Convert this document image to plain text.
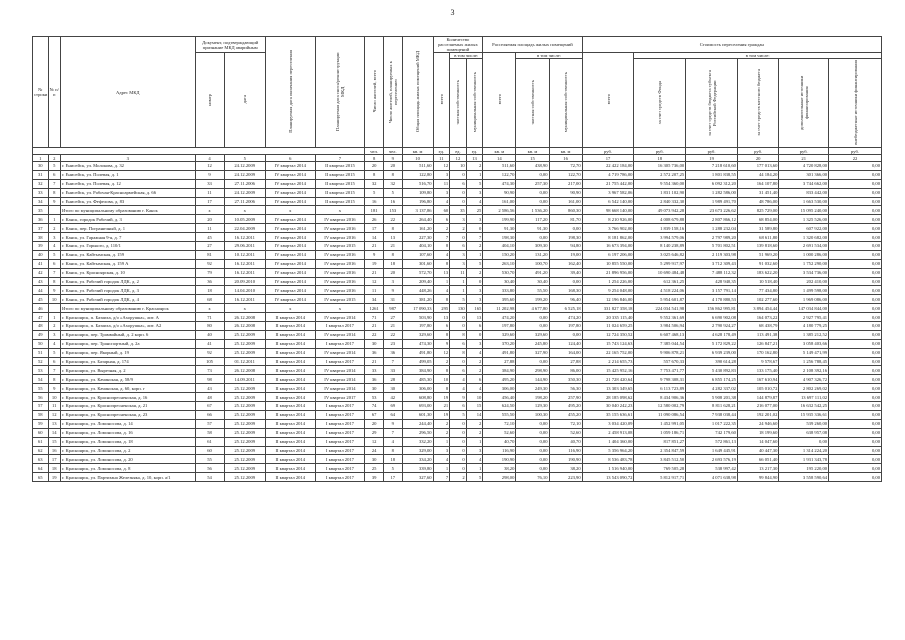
3
№ строки	№ п/п	Адрес МКД	Документ, подтверждающий признание МКД аварийным		Планируемая дата окончания переселения	Планируемая дата сноса/реконструкции МКД	Число жителей, всего	Число жителей, планируемых к переселению	Общая площадь жилых помещений МКД	Количество расселяемых жилых помещений			Расселяемая площадь жилых помещений			Стоимость переселения граждан					
			номер	дата						всего	в том числе:		всего	в том числе:		всего	в том числе:				
											частная собственность	муниципальная собственность		частная собственность	муниципальная собственность		за счет средств Фонда	за счет средств бюджета субъекта Российской Федерации	за счет средств местного бюджета	дополнительные источники финансирования	внебюджетные источники финансирования
							чел.	чел.	кв. м	ед.	ед.	ед.	кв. м	кв. м	кв. м	руб.	руб.	руб.	руб.	руб.	руб.
1	2	3	4	5	6	7	8	9	10	11	12	13	14	15	16	17	18	19	20	21	22
30	5	г. Енисейск, ул. Молокова, д. 32	12	24.12.2009	IV квартал 2014	II квартал 2015	20	20	511,60	12	10	2	511,60	438,90	72,70	22 422 184,00	16 305 736,00	7 218 610,60	177 013,60	4 720 828,00	0,00
31	6	г. Енисейск, ул. Полевая, д. 1	9	24.12.2009	IV квартал 2014	II квартал 2015	8	8	122,80	3	0	1	122,70	0,00	122,70	4 719 786,00	2 572 207,25	1 801 838,55	44 184,20	301 366,00	0,00
32	7	г. Енисейск, ул. Полевая, д. 12	33	27.11.2006	IV квартал 2014	II квартал 2015	32	32	516,70	11	6	5	474,30	257,30	217,00	21 755 442,00	9 554 360,00	6 092 312,20	164 107,80	3 744 662,00	0,00
33	8	г. Енисейск, ул. Рабочая-Красноармейская, д. 66	11	24.12.2009	IV квартал 2014	II квартал 2015	5	5	109,80	3	0	3	90,90	0,00	90,90	3 967 582,06	1 831 102,90	1 282 586,00	31 451,40	833 442,00	0,00
34	9	г. Енисейск, ул. Фефелова, д. 83	17	27.11.2006	IV квартал 2014	II квартал 2015	16	16	196,80	4	0	4	161,00	0,00	161,00	6 542 140,00	2 840 332,30	1 989 491,70	48 786,00	1 663 530,00	0,00
35		Итого по муниципальному образованию г. Канск	x	x	x	x	181	153	3 137,86	60	35	25	2 586,56	1 536,20	860,30	98 668 140,00	49 073 942,28	23 673 226,62	825 729,00	15 095 240,00	0,00
36	1	г. Канск, городок Рабочий, д. 3	20	10.05.2009	IV квартал 2014	IV квартал 2016	26	22	264,40	6	3	3	199,90	117,20	81,70	8 210 926,00	4 008 679,88	2 807 866,12	68 854,00	1 325 526,00	0,00
37	2	г. Канск, пер. Пограничный, д. 1	11	22.04.2009	IV квартал 2014	IV квартал 2016	17	8	161,20	2	2	0	91,30	91,30	0,00	3 766 902,00	1 839 158,16	1 288 232,04	31 589,80	607 922,00	0,00
38	3	г. Канск, ул. Гаражная 9-я, д. 7	45	16.12.2011	IV квартал 2014	IV квартал 2016	14	13	227,30	7	0	7	198,30	0,00	198,30	8 181 862,00	3 994 579,06	2 797 989,20	68 611,80	1 320 682,00	0,00
39	4	г. Канск, ул. Горького, д. 110/1	27	29.06.2011	IV квартал 2014	IV квартал 2015	21	21	404,10	8	6	2	404,10	309,30	94,80	16 673 394,00	8 140 238,89	5 701 802,51	139 818,60	2 691 534,00	0,00
40	5	г. Канск, ул. Кайтымская, д. 159	81	10.12.2011	IV квартал 2014	IV квартал 2016	9	8	107,60	4	3	1	150,20	131,20	19,00	6 197 206,00	3 025 646,82	2 119 303,98	51 969,20	1 000 286,00	0,00
41	6	г. Канск, ул. Кайтымская, д. 159 А	92	16.12.2011	IV квартал 2014	IV квартал 2016	19	18	301,60	8	3	5	263,10	100,70	162,40	10 855 550,00	5 299 917,97	3 712 309,43	91 032,60	1 752 290,00	0,00
42	7	г. Канск, ул. Красноярская, д. 10	79	16.12.2011	IV квартал 2014	IV квартал 2016	21	20	572,70	13	11	2	530,70	491,20	39,40	21 896 956,00	10 690 484,48	7 488 112,32	183 622,20	3 534 736,00	0,00
43	8	г. Канск, ул. Рабочий городок ЛДК, д. 2	36	20.09.2010	IV квартал 2014	IV квартал 2016	12	3	209,40	1	1	0	30,40	30,40	0,00	1 254 226,00	612 361,25	428 940,35	10 518,40	202 410,00	0,00
44	9	г. Канск, ул. Рабочий городок ЛДК, д. 3	18	14.04.2010	IV квартал 2014	IV квартал 2016	11	9	448,26	4	1	3	333,80	55,50	168,30	9 254 048,00	4 518 224,06	3 157 791,14	77 434,80	1 499 598,00	0,00
45	10	г. Канск, ул. Рабочий городок ЛДК, д. 4	68	16.12.2011	IV квартал 2014	IV квартал 2015	34	31	381,20	8	5	3	395,60	199,20	96,40	12 196 846,00	5 954 601,87	4 170 880,53	102 277,60	1 969 086,00	0,00
46		Итого по муниципальному образованию г. Красноярск	x	x	x	x	1261	987	17 090,33	295	130	165	11 202,98	4 677,80	6 525,18	331 827 358,18	224 034 541,98	156 862 995,81	3 894 454,44	147 034 844,00	0,00
47	1	г. Красноярск, п. Базаиха, д/о «Ахорушка», лит. А	71	26.12.2008	II квартал 2014	IV квартал 2014	71	27	503,90	13	0	13	474,20	0,00	474,20	20 335 115,40	9 552 361,69	6 690 902,08	164 073,22	2 927 795,41	0,00
48	2	г. Красноярск, п. Базаиха, д/о «Ахорушка», лит. А2	80	26.12.2008	II квартал 2014	I квартал 2017	21	21	197,80	6	0	6	197,80	0,00	197,80	11 024 659,25	3 984 506,94	2 790 924,27	68 438,79	4 180 779,25	0,00
49	3	г. Красноярск, пер. Трамвайный, д. 2 корп. 6	40	25.12.2009	II квартал 2014	IV квартал 2014	22	22	329,60	8	8	0	329,60	329,60	0,00	12 724 350,52	6 607 468,13	4 628 178,49	113 491,38	1 385 212,52	0,00
50	4	г. Красноярск, пер. Транспортный, д. 2а	41	25.12.2009	II квартал 2014	I квартал 2017	30	23	474,30	9	6	3	370,20	245,80	124,40	15 743 124,63	7 385 044,54	5 172 829,22	126 847,21	3 058 403,66	0,00
51	5	г. Красноярск, пер. Якорный, д. 19	92	25.12.2009	II квартал 2014	IV квартал 2014	36	36	491,80	12	8	4	491,80	327,90	164,00	22 165 752,00	9 906 878,21	6 939 239,00	170 162,80	5 149 471,99	0,00
52	6	г. Красноярск, ул. Базарная, д. 174	105	01.12.2011	II квартал 2014	I квартал 2017	21	7	499,05	2	0	2	27,88	0,00	27,88	2 214 655,73	557 670,33	390 614,28	9 578,67	1 256 788,45	0,00
53	7	г. Красноярск, ул. Вырезная, д. 2	73	26.12.2008	II квартал 2014	IV квартал 2014	33	33	384,90	8	6	2	384,90	298,90	86,00	15 425 952,16	7 753 471,77	5 430 892,83	133 175,40	2 108 392,16	0,00
54	8	г. Красноярск, ул. Качинская, д. 58/9	98	14.09.2011	II квартал 2014	IV квартал 2014	36	28	485,30	10	4	6	495,20	144,90	350,30	21 728 420,64	9 798 308,31	6 855 174,25	167 610,94	4 907 326,72	0,00
55	9	г. Красноярск, ул. Качинская, д. 60, корп. г	43	25.12.2009	II квартал 2014	IV квартал 2014	30	30	306,00	8	4	4	306,00	249,30	56,30	13 303 349,65	6 113 723,89	4 282 337,02	105 010,72	2 802 269,02	0,00
56	10	г. Красноярск, ул. Краснопресненская, д. 16	48	25.12.2009	II квартал 2014	IV квартал 2017	53	42	608,80	19	9	10	456,40	198,20	257,90	28 185 098,62	8 434 906,36	5 908 201,38	144 879,87	13 697 111,02	0,00
57	11	г. Красноярск, ул. Краснопресненская, д. 21	67	25.12.2009	II квартал 2014	I квартал 2017	74	69	693,00	21	6	15	624,50	129,30	495,20	30 040 242,23	12 580 002,79	8 811 628,21	216 077,00	16 632 542,25	0,00
58	12	г. Красноярск, ул. Краснопресненская, д. 23	66	25.12.2009	II квартал 2014	I квартал 2017	67	64	601,30	19	5	14	555,50	100,30	455,20	35 155 636,61	11 090 086,54	7 938 038,44	192 201,02	15 935 336,61	0,00
59	13	г. Красноярск, ул. Ломоносова, д. 14	57	25.12.2009	II квартал 2014	I квартал 2017	20	9	244,40	2	0	2	72,10	0,00	72,10	3 034 420,09	1 452 991,05	1 017 222,35	24 946,60	539 260,00	0,00
60	14	г. Красноярск, ул. Ломоносова, д. 16	58	25.12.2009	II квартал 2014	I квартал 2017	29	7	296,50	2	0	2	52,60	0,00	52,60	2 458 913,08	1 059 186,71	742 179,60	18 199,60	638 957,08	0,00
61	15	г. Красноярск, ул. Ломоносова, д. 18	61	25.12.2009	II квартал 2014	I квартал 2017	12	4	332,20	1	0	1	40,70	0,00	40,70	1 404 360,00	817 851,27	572 861,13	14 047,60	0,00	0,00
62	16	г. Красноярск, ул. Ломоносова, д. 2	60	25.12.2009	II квартал 2014	I квартал 2017	24	8	329,00	3	0	3	116,90	0,00	116,90	5 356 964,20	2 354 847,59	1 649 445,91	40 447,30	1 314 224,20	0,00
63	17	г. Красноярск, ул. Ломоносова, д. 20	55	25.12.2009	II квартал 2014	I квартал 2017	30	18	334,20	4	0	4	190,90	0,00	190,90	8 536 483,78	3 845 512,50	2 693 576,19	66 051,40	1 931 343,78	0,00
64	18	г. Красноярск, ул. Ломоносова, д. 8	56	25.12.2009	II квартал 2014	I квартал 2017	25	5	339,80	1	0	1	38,20	0,00	38,20	1 516 940,00	769 505,28	538 997,42	13 217,30	195 220,00	0,00
65	19	г. Красноярск, ул. Партизана Железняка, д. 10, корп. а/1	54	25.12.2009	II квартал 2014	I квартал 2017	39	17	327,60	7	2	5	298,00	76,10	223,90	13 543 090,72	5 812 917,71	4 071 638,98	99 844,90	3 558 590,64	0,00
